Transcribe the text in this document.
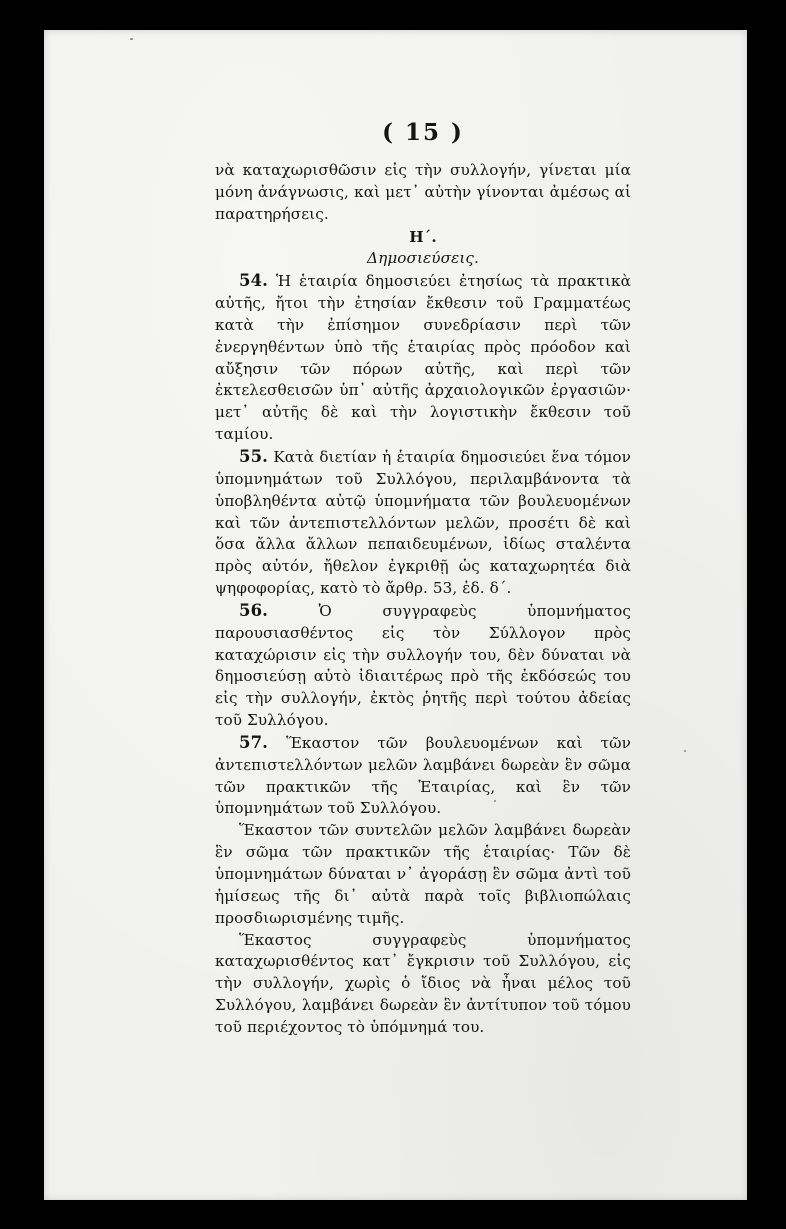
( 15 )

νὰ καταχωρισθῶσιν εἰς τὴν συλλογήν, γίνεται μία μόνη ἀνάγνωσις, καὶ μετ᾽ αὐτὴν γίνονται ἀμέσως αἱ παρατηρήσεις.

Η΄.

Δημοσιεύσεις.

54. Ἡ ἑταιρία δημοσιεύει ἐτησίως τὰ πρακτικὰ αὐτῆς, ἤτοι τὴν ἐτησίαν ἔκθεσιν τοῦ Γραμματέως κατὰ τὴν ἐπίσημον συνεδρίασιν περὶ τῶν ἐνεργηθέντων ὑπὸ τῆς ἑταιρίας πρὸς πρόοδον καὶ αὔξησιν τῶν πόρων αὐτῆς, καὶ περὶ τῶν ἐκτελεσθεισῶν ὑπ᾽ αὐτῆς ἀρχαιολογικῶν ἐργασιῶν· μετ᾽ αὐτῆς δὲ καὶ τὴν λογιστικὴν ἔκθεσιν τοῦ ταμίου.

55. Κατὰ διετίαν ἡ ἑταιρία δημοσιεύει ἕνα τόμον ὑπομνημάτων τοῦ Συλλόγου, περιλαμβάνοντα τὰ ὑποβληθέντα αὐτῷ ὑπομνήματα τῶν βουλευομένων καὶ τῶν ἀντεπιστελλόντων μελῶν, προσέτι δὲ καὶ ὅσα ἄλλα ἄλλων πεπαιδευμένων, ἰδίως σταλέντα πρὸς αὐτόν, ἤθελον ἐγκριθῇ ὡς καταχωρητέα διὰ ψηφοφορίας, κατὸ τὸ ἄρθρ. 53, ἐδ. δ΄.

56.	Ὁ συγγραφεὺς ὑπομνήματος παρουσιασθέντος εἰς τὸν Σύλλογον πρὸς καταχώρισιν εἰς τὴν συλλογήν του, δὲν δύναται νὰ δημοσιεύσῃ αὐτὸ ἰδιαιτέρως πρὸ τῆς ἐκδόσεώς του εἰς τὴν συλλογήν, ἐκτὸς ῥητῆς περὶ τούτου ἀδείας τοῦ Συλλόγου.

57. Ἕκαστον τῶν βουλευομένων καὶ τῶν ἀντεπιστελλόντων μελῶν λαμβάνει δωρεὰν ἓν σῶμα τῶν πρακτικῶν τῆς Ἑταιρίας, καὶ ἓν τῶν ὑπομνημάτων τοῦ Συλλόγου.

Ἕκαστον τῶν συντελῶν μελῶν λαμβάνει δωρεὰν ἓν σῶμα τῶν πρακτικῶν τῆς ἑταιρίας· Τῶν δὲ ὑπομνημάτων δύναται ν᾽ ἀγοράσῃ ἓν σῶμα ἀντὶ τοῦ ἡμίσεως τῆς δι᾽ αὐτὰ παρὰ τοῖς βιβλιοπώλαις προσδιωρισμένης τιμῆς.

Ἕκαστος συγγραφεὺς ὑπομνήματος καταχωρισθέντος κατ᾽ ἔγκρισιν τοῦ Συλλόγου, εἰς τὴν συλλογήν, χωρὶς ὁ ἴδιος νὰ ἦναι μέλος τοῦ Συλλόγου, λαμβάνει δωρεὰν ἓν ἀντίτυπον τοῦ τόμου τοῦ περιέχοντος τὸ ὑπόμνημά του.
